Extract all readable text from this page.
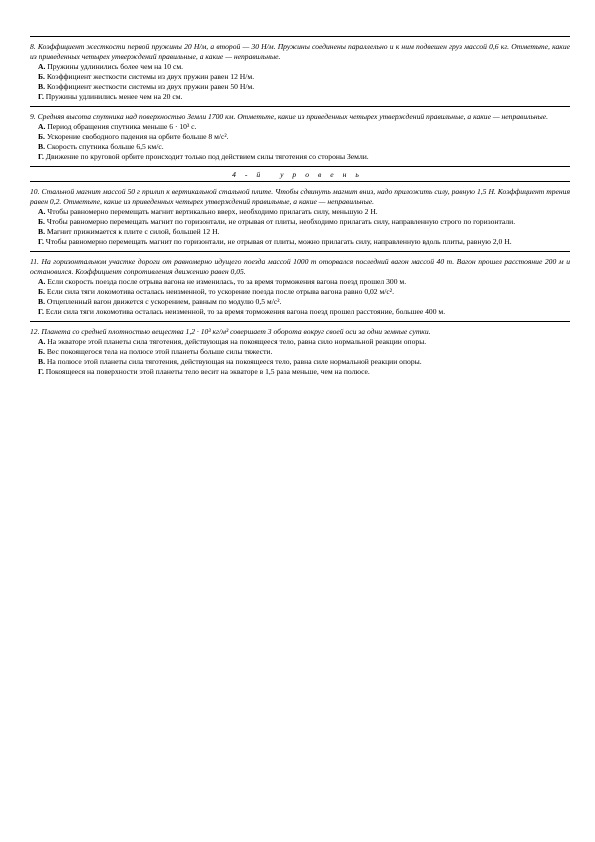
8. Коэффициент жесткости первой пружины 20 Н/м, а второй — 30 Н/м. Пружины соединены параллельно и к ним подвешен груз массой 0,6 кг. Отметьте, какие из приведенных четырех утверждений правильные, а какие — неправильные.
А. Пружины удлинились более чем на 10 см.
Б. Коэффициент жесткости системы из двух пружин равен 12 Н/м.
В. Коэффициент жесткости системы из двух пружин равен 50 Н/м.
Г. Пружины удлинились менее чем на 20 см.
9. Средняя высота спутника над поверхностью Земли 1700 км. Отметьте, какие из приведенных четырех утверждений правильные, а какие — неправильные.
А. Период обращения спутника меньше 6 · 10³ с.
Б. Ускорение свободного падения на орбите больше 8 м/с².
В. Скорость спутника больше 6,5 км/с.
Г. Движение по круговой орбите происходит только под действием силы тяготения со стороны Земли.
4-й уровень
10. Стальной магнит массой 50 г прилип к вертикальной стальной плите. Чтобы сдвинуть магнит вниз, надо приложить силу, равную 1,5 Н. Коэффициент трения равен 0,2. Отметьте, какие из приведенных четырех утверждений правильные, а какие — неправильные.
А. Чтобы равномерно перемещать магнит вертикально вверх, необходимо прилагать силу, меньшую 2 Н.
Б. Чтобы равномерно перемещать магнит по горизонтали, не отрывая от плиты, необходимо прилагать силу, направленную строго по горизонтали.
В. Магнит прижимается к плите с силой, большей 12 Н.
Г. Чтобы равномерно перемещать магнит по горизонтали, не отрывая от плиты, можно прилагать силу, направленную вдоль плиты, равную 2,0 Н.
11. На горизонтальном участке дороги от равномерно идущего поезда массой 1000 т оторвался последний вагон массой 40 т. Вагон прошел расстояние 200 м и остановился. Коэффициент сопротивления движению равен 0,05.
А. Если скорость поезда после отрыва вагона не изменилась, то за время торможения вагона поезд прошел 300 м.
Б. Если сила тяги локомотива осталась неизменной, то ускорение поезда после отрыва вагона равно 0,02 м/с².
В. Отцепленный вагон движется с ускорением, равным по модулю 0,5 м/с².
Г. Если сила тяги локомотива осталась неизменной, то за время торможения вагона поезд прошел расстояние, большее 400 м.
12. Планета со средней плотностью вещества 1,2 · 10³ кг/м³ совершает 3 оборота вокруг своей оси за одни земные сутки.
А. На экваторе этой планеты сила тяготения, действующая на покоящееся тело, равна сило нормальной реакции опоры.
Б. Вес покоящегося тела на полюсе этой планеты больше силы тяжести.
В. На полюсе этой планеты сила тяготения, действующая на покоящееся тело, равна силе нормальной реакции опоры.
Г. Покоящееся на поверхности этой планеты тело весит на экваторе в 1,5 раза меньше, чем на полюсе.
